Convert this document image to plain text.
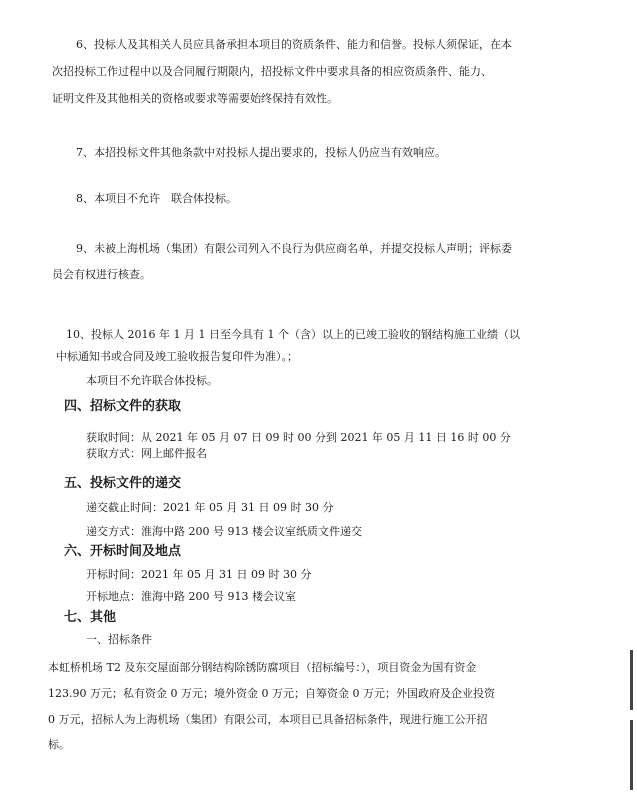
6、投标人及其相关人员应具备承担本项目的资质条件、能力和信誉。投标人须保证，在本
次招投标工作过程中以及合同履行期限内，招投标文件中要求具备的相应资质条件、能力、
证明文件及其他相关的资格或要求等需要始终保持有效性。
7、本招投标文件其他条款中对投标人提出要求的，投标人仍应当有效响应。
8、本项目不允许　联合体投标。
9、未被上海机场（集团）有限公司列入不良行为供应商名单，并提交投标人声明；评标委
员会有权进行核查。
10、投标人 2016 年 1 月 1 日至今具有 1 个（含）以上的已竣工验收的钢结构施工业绩（以
中标通知书或合同及竣工验收报告复印件为准）。；
本项目不允许联合体投标。
四、招标文件的获取
获取时间：从 2021 年 05 月 07 日 09 时 00 分到 2021 年 05 月 11 日 16 时 00 分
获取方式：网上邮件报名
五、投标文件的递交
递交截止时间：2021 年 05 月 31 日 09 时 30 分
递交方式：淮海中路 200 号 913 楼会议室纸质文件递交
六、开标时间及地点
开标时间：2021 年 05 月 31 日 09 时 30 分
开标地点：淮海中路 200 号 913 楼会议室
七、其他
一、招标条件
本虹桥机场 T2 及东交屋面部分钢结构除锈防腐项目（招标编号：），项目资金为国有资金
123.90 万元；私有资金 0 万元；境外资金 0 万元；自筹资金 0 万元；外国政府及企业投资
0 万元，招标人为上海机场（集团）有限公司，本项目已具备招标条件，现进行施工公开招
标。
